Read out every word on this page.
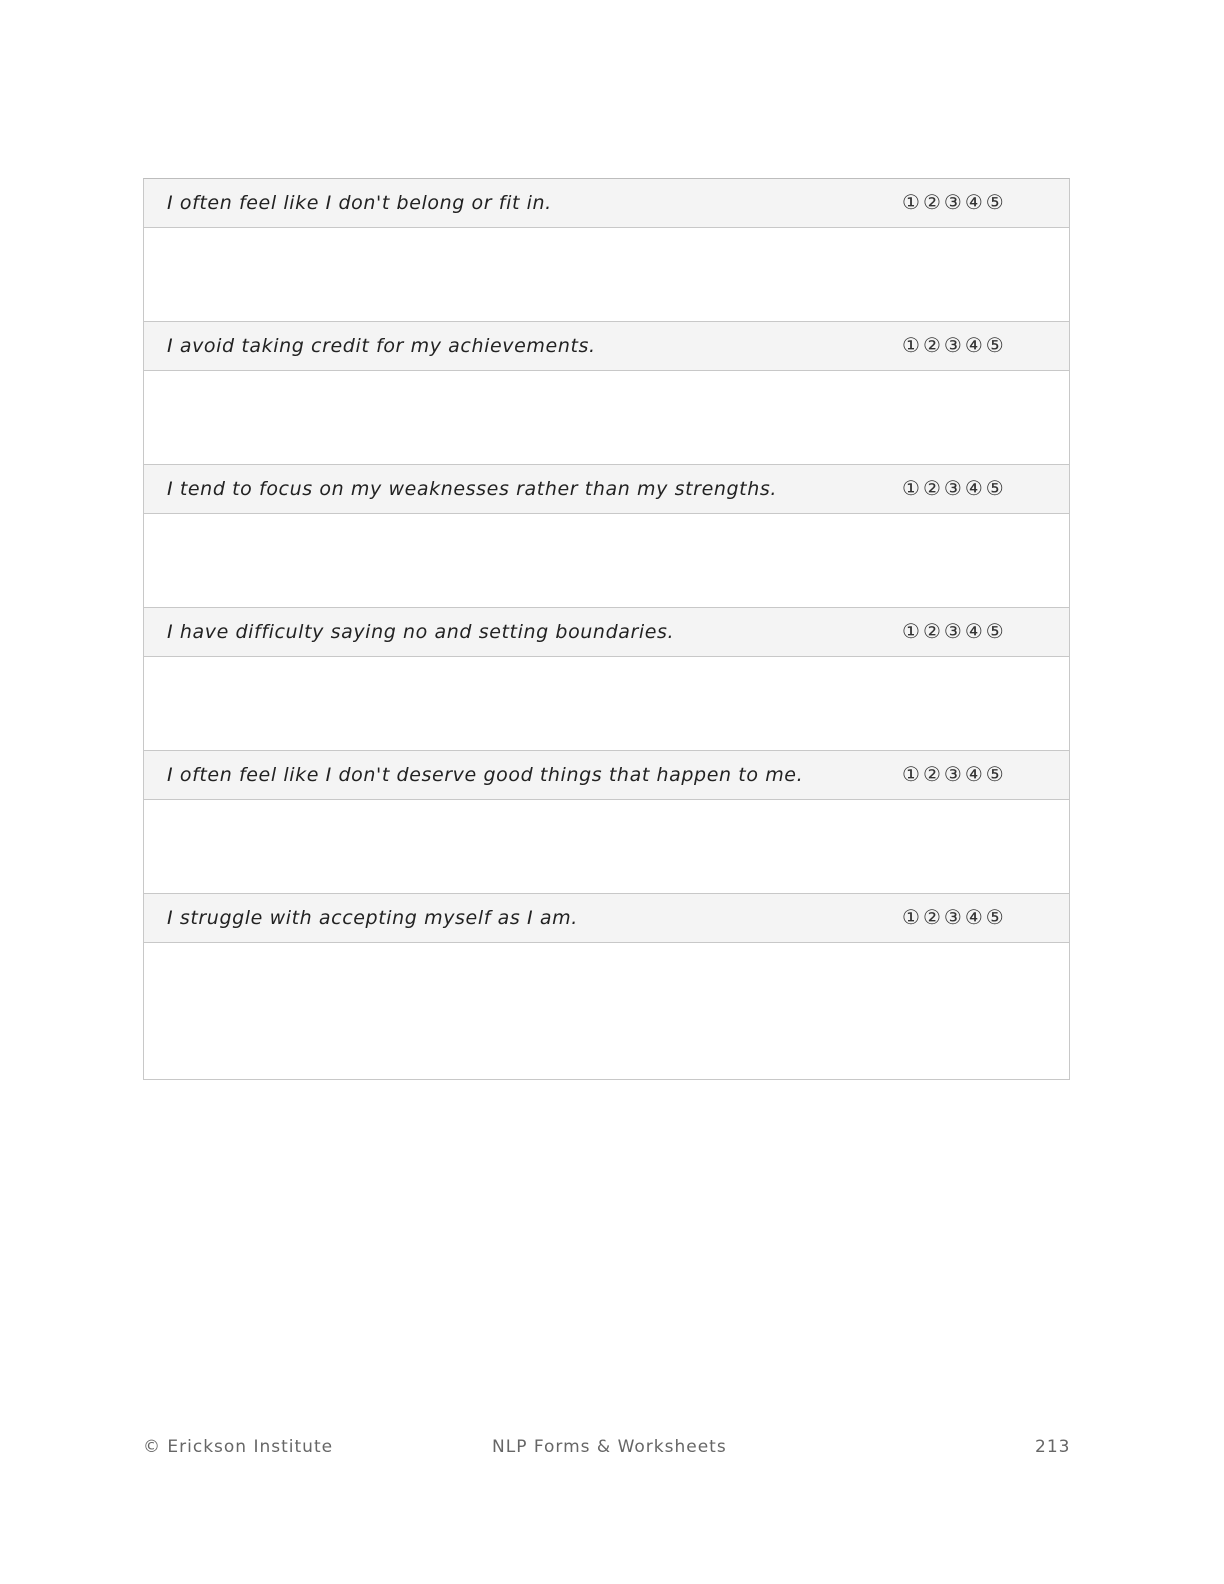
I often feel like I don't belong or fit in.	①②③④⑤
I avoid taking credit for my achievements.	①②③④⑤
I tend to focus on my weaknesses rather than my strengths.	①②③④⑤
I have difficulty saying no and setting boundaries.	①②③④⑤
I often feel like I don't deserve good things that happen to me.	①②③④⑤
I struggle with accepting myself as I am.	①②③④⑤
© Erickson Institute	NLP Forms & Worksheets	213
